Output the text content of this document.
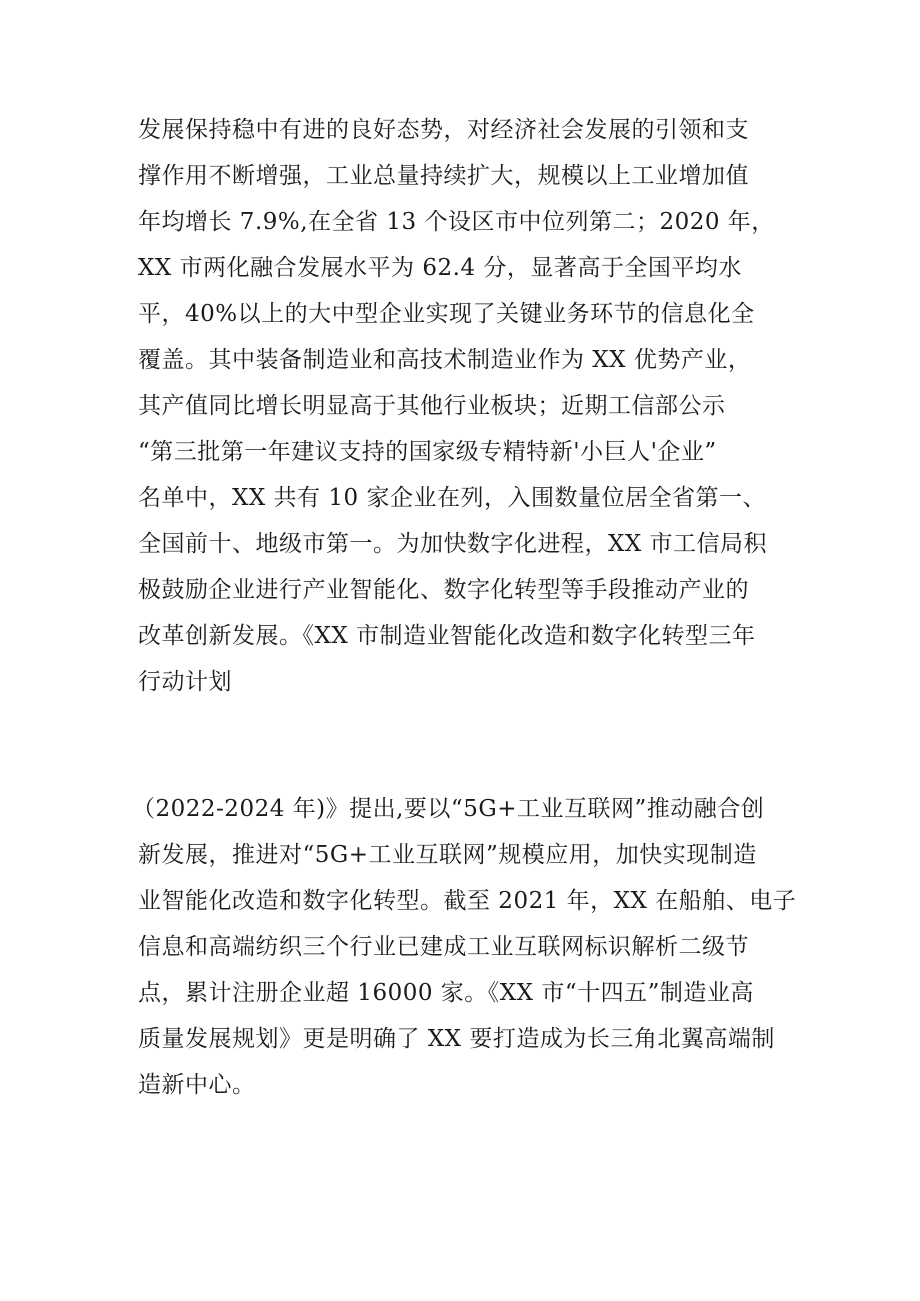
发展保持稳中有进的良好态势，对经济社会发展的引领和支
撑作用不断增强，工业总量持续扩大，规模以上工业增加值
年均增长 7.9%,在全省 13 个设区市中位列第二；2020 年，
XX 市两化融合发展水平为 62.4 分，显著高于全国平均水
平，40%以上的大中型企业实现了关键业务环节的信息化全
覆盖。其中装备制造业和高技术制造业作为 XX 优势产业，
其产值同比增长明显高于其他行业板块；近期工信部公示
“第三批第一年建议支持的国家级专精特新'小巨人'企业”
名单中，XX 共有 10 家企业在列，入围数量位居全省第一、
全国前十、地级市第一。为加快数字化进程，XX 市工信局积
极鼓励企业进行产业智能化、数字化转型等手段推动产业的
改革创新发展。《XX 市制造业智能化改造和数字化转型三年
行动计划
（2022-2024 年)》提出,要以“5G+工业互联网”推动融合创
新发展，推进对“5G+工业互联网”规模应用，加快实现制造
业智能化改造和数字化转型。截至 2021 年，XX 在船舶、电子
信息和高端纺织三个行业已建成工业互联网标识解析二级节
点，累计注册企业超 16000 家。《XX 市“十四五”制造业高
质量发展规划》更是明确了 XX 要打造成为长三角北翼高端制
造新中心。
